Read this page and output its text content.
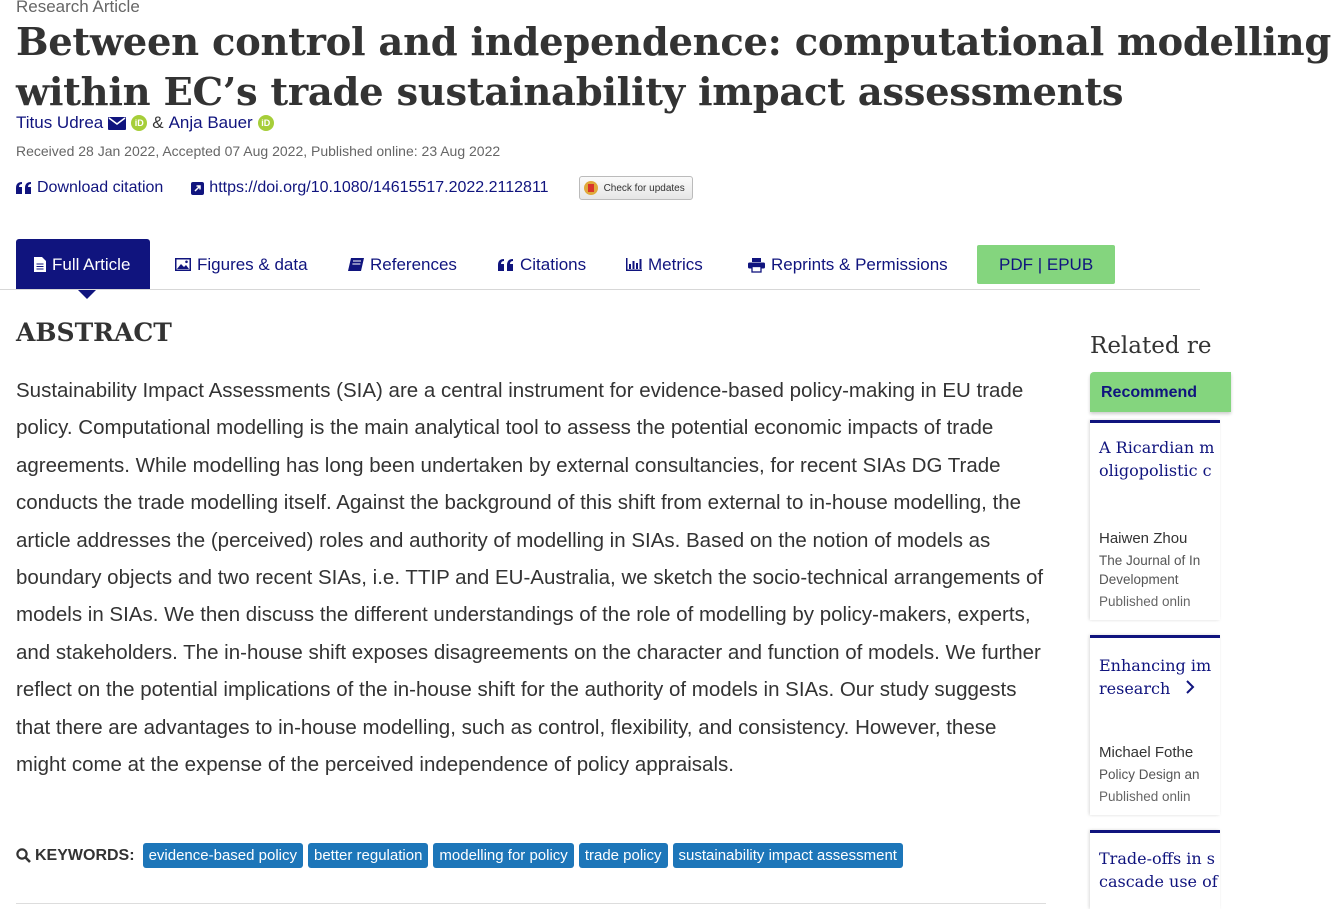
Research Article
Between control and independence: computational modelling
within EC’s trade sustainability impact assessments
Titus Udrea	iD & Anja Bauer iD
Received 28 Jan 2022, Accepted 07 Aug 2022, Published online: 23 Aug 2022
Download citation	https://doi.org/10.1080/14615517.2022.2112811	Check for updates
Full Article	Figures & data	References	Citations	Metrics	Reprints & Permissions	PDF | EPUB
ABSTRACT

Sustainability Impact Assessments (SIA) are a central instrument for evidence-based policy-making in EU trade policy. Computational modelling is the main analytical tool to assess the potential economic impacts of trade agreements. While modelling has long been undertaken by external consultancies, for recent SIAs DG Trade conducts the trade modelling itself. Against the background of this shift from external to in-house modelling, the article addresses the (perceived) roles and authority of modelling in SIAs. Based on the notion of models as boundary objects and two recent SIAs, i.e. TTIP and EU-Australia, we sketch the socio-technical arrangements of models in SIAs. We then discuss the different understandings of the role of modelling by policy-makers, experts, and stakeholders. The in-house shift exposes disagreements on the character and function of models. We further reflect on the potential implications of the in-house shift for the authority of models in SIAs. Our study suggests that there are advantages to in-house modelling, such as control, flexibility, and consistency. However, these might come at the expense of the perceived independence of policy appraisals.

KEYWORDS: evidence-based policy	better regulation	modelling for policy	trade policy	sustainability impact assessment
Related re
Recommend

A Ricardian m
oligopolistic c

Haiwen Zhou
The Journal of In
Development
Published onlin

Enhancing im
research

Michael Fothe
Policy Design an
Published onlin

Trade-offs in s
cascade use of
